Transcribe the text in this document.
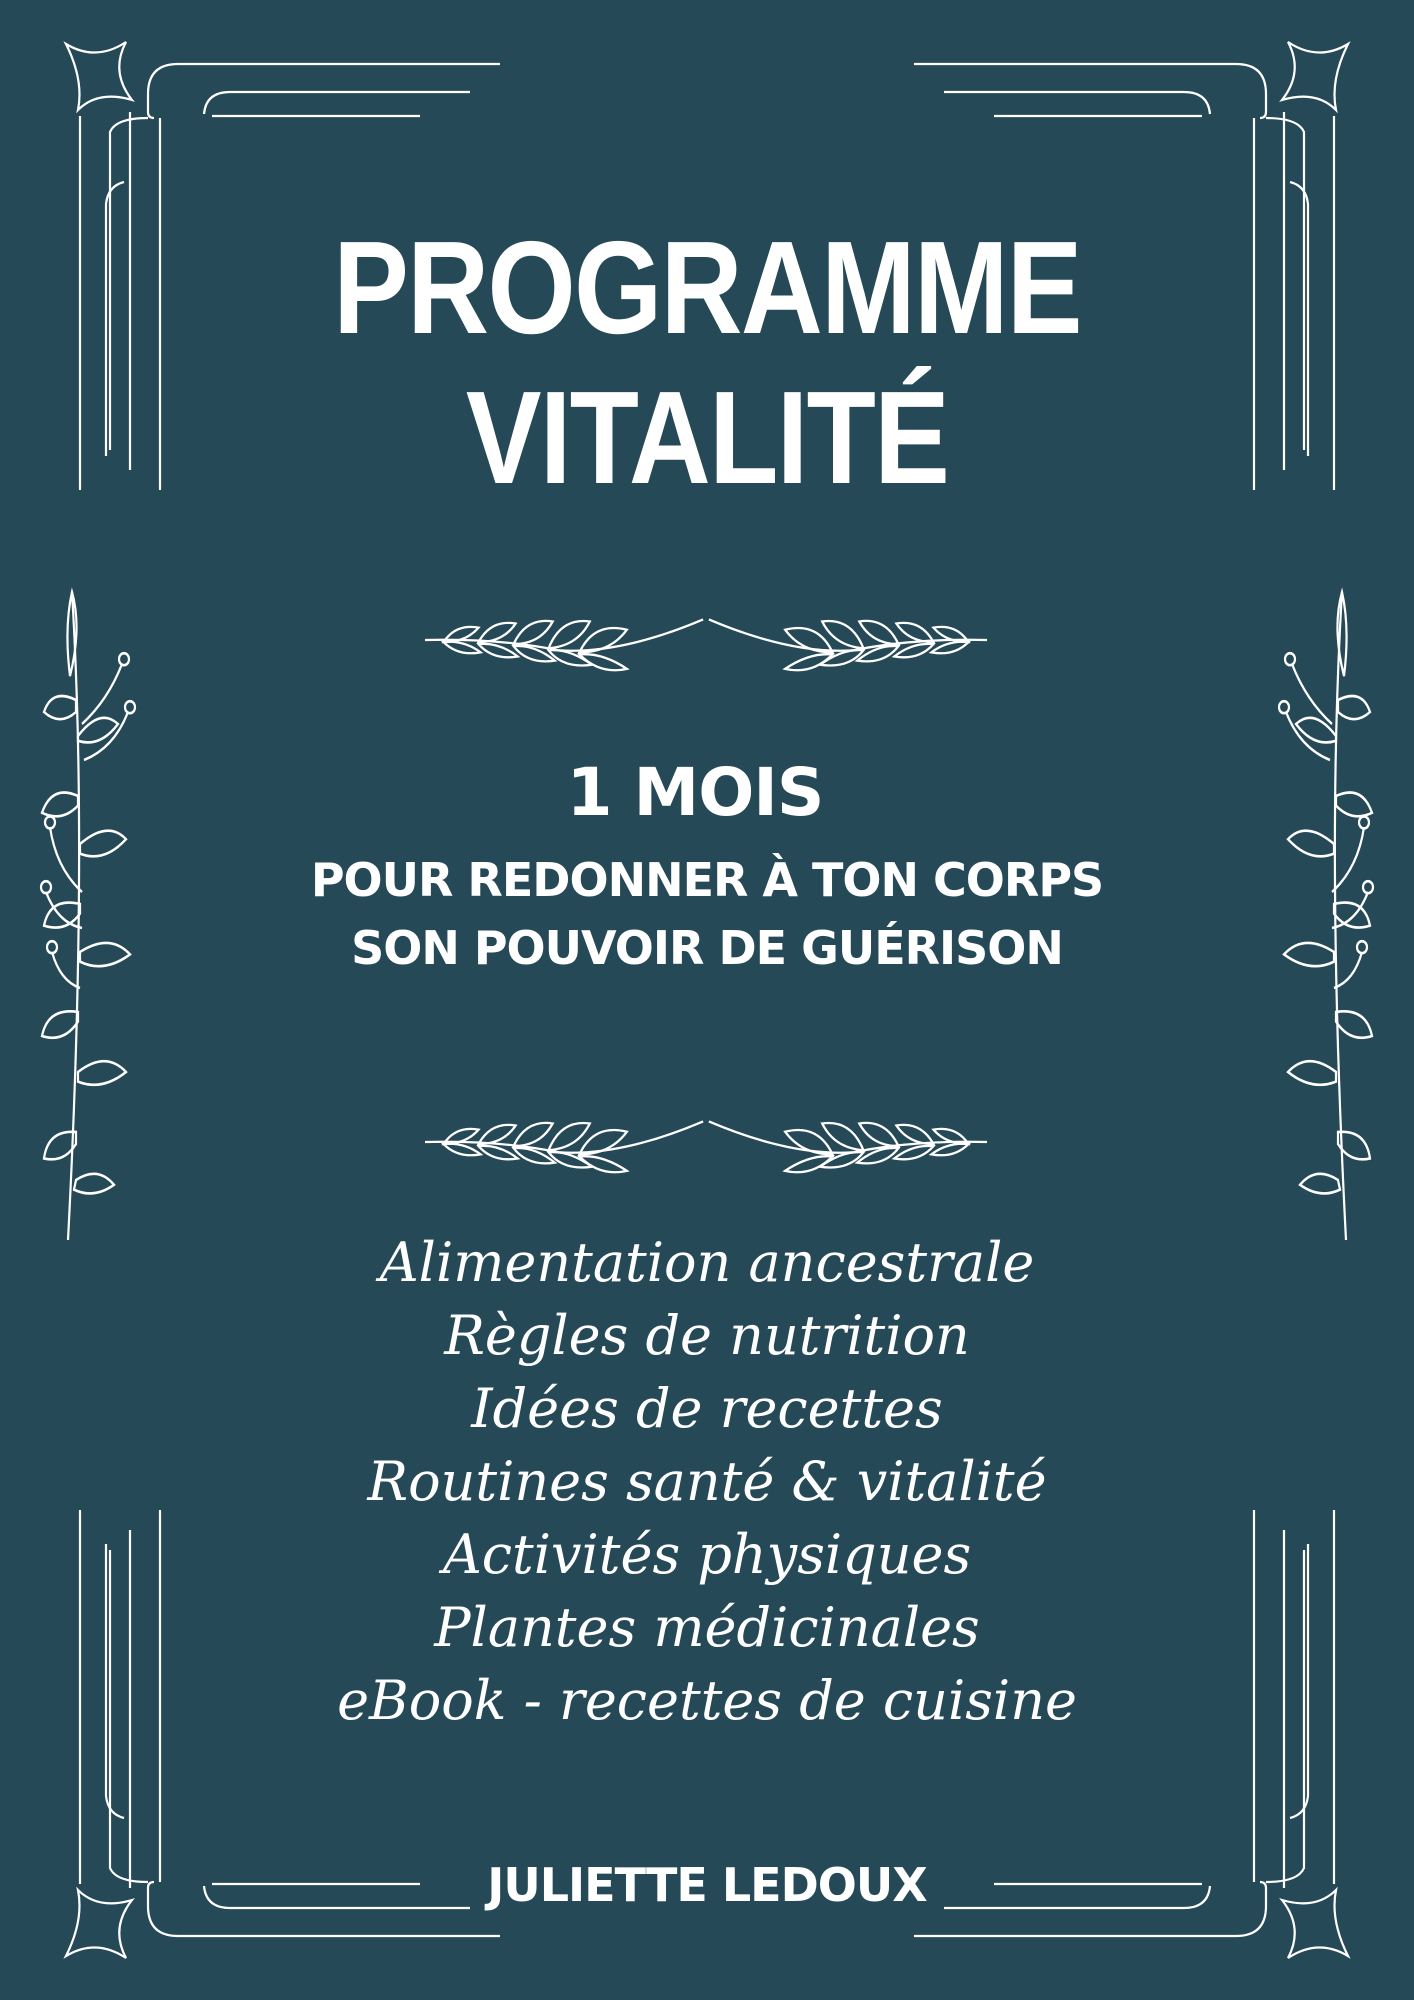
PROGRAMME
VITALITÉ
1 MOIS
POUR REDONNER À TON CORPS
SON POUVOIR DE GUÉRISON
Alimentation ancestrale
Règles de nutrition
Idées de recettes
Routines santé & vitalité
Activités physiques
Plantes médicinales
eBook - recettes de cuisine
JULIETTE LEDOUX
